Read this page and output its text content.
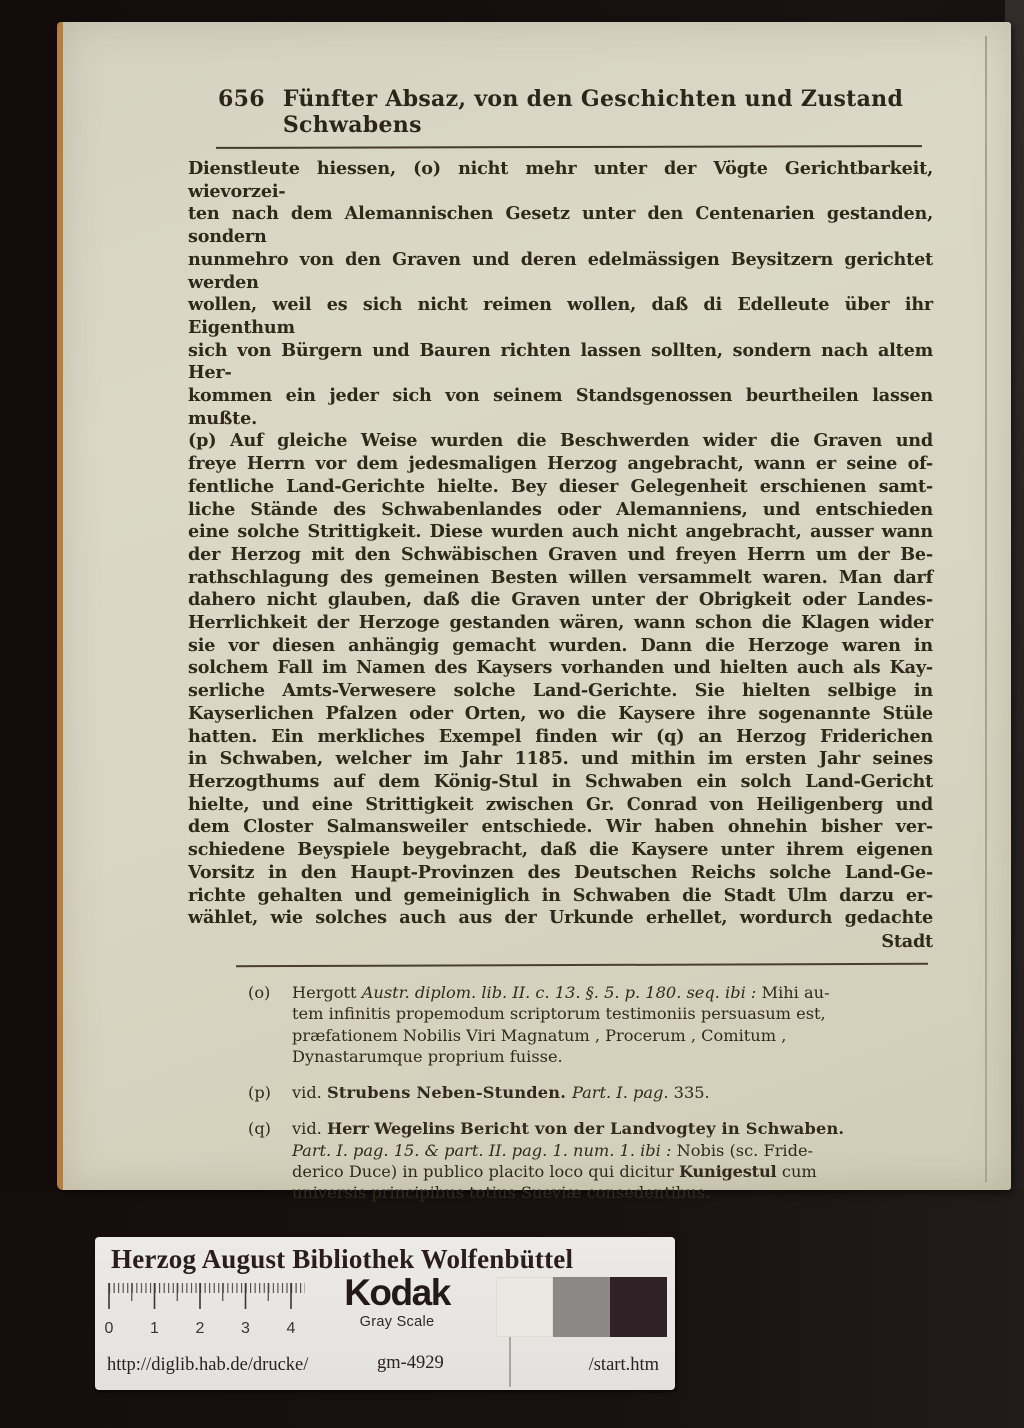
656 Fünfter Absaz, von den Geschichten und Zustand Schwabens
Dienstleute hiessen, (o) nicht mehr unter der Vögte Gerichtbarkeit, wievorzei-
ten nach dem Alemannischen Gesetz unter den Centenarien gestanden, sondern
nunmehro von den Graven und deren edelmässigen Beysitzern gerichtet werden
wollen, weil es sich nicht reimen wollen, daß di Edelleute über ihr Eigenthum
sich von Bürgern und Bauren richten lassen sollten, sondern nach altem Her-
kommen ein jeder sich von seinem Standsgenossen beurtheilen lassen mußte.
(p) Auf gleiche Weise wurden die Beschwerden wider die Graven und
freye Herrn vor dem jedesmaligen Herzog angebracht, wann er seine of-
fentliche Land-Gerichte hielte. Bey dieser Gelegenheit erschienen samt-
liche Stände des Schwabenlandes oder Alemanniens, und entschieden
eine solche Strittigkeit. Diese wurden auch nicht angebracht, ausser wann
der Herzog mit den Schwäbischen Graven und freyen Herrn um der Be-
rathschlagung des gemeinen Besten willen versammelt waren. Man darf
dahero nicht glauben, daß die Graven unter der Obrigkeit oder Landes-
Herrlichkeit der Herzoge gestanden wären, wann schon die Klagen wider
sie vor diesen anhängig gemacht wurden. Dann die Herzoge waren in
solchem Fall im Namen des Kaysers vorhanden und hielten auch als Kay-
serliche Amts-Verwesere solche Land-Gerichte. Sie hielten selbige in
Kayserlichen Pfalzen oder Orten, wo die Kaysere ihre sogenannte Stüle
hatten. Ein merkliches Exempel finden wir (q) an Herzog Friderichen
in Schwaben, welcher im Jahr 1185. und mithin im ersten Jahr seines
Herzogthums auf dem König-Stul in Schwaben ein solch Land-Gericht
hielte, und eine Strittigkeit zwischen Gr. Conrad von Heiligenberg und
dem Closter Salmansweiler entschiede. Wir haben ohnehin bisher ver-
schiedene Beyspiele beygebracht, daß die Kaysere unter ihrem eigenen
Vorsitz in den Haupt-Provinzen des Deutschen Reichs solche Land-Ge-
richte gehalten und gemeiniglich in Schwaben die Stadt Ulm darzu er-
wählet, wie solches auch aus der Urkunde erhellet, wordurch gedachte
Stadt
(o)	Hergott Austr. diplom. lib. II. c. 13. §. 5. p. 180. seq. ibi : Mihi au-
tem infinitis propemodum scriptorum testimoniis persuasum est,
præfationem Nobilis Viri Magnatum , Procerum , Comitum ,
Dynastarumque proprium fuisse.
(p)	vid. Strubens Neben-Stunden. Part. I. pag. 335.
(q)	vid. Herr Wegelins Bericht von der Landvogtey in Schwaben.
Part. I. pag. 15. & part. II. pag. 1. num. 1. ibi : Nobis (sc. Fride-
derico Duce) in publico placito loco qui dicitur Kunigestul cum
universis principibus totius Sueviæ consedentibus.
Herzog August Bibliothek Wolfenbüttel
0 1 2 3 4
Kodak
Gray Scale
http://diglib.hab.de/drucke/	gm-4929	/start.htm
